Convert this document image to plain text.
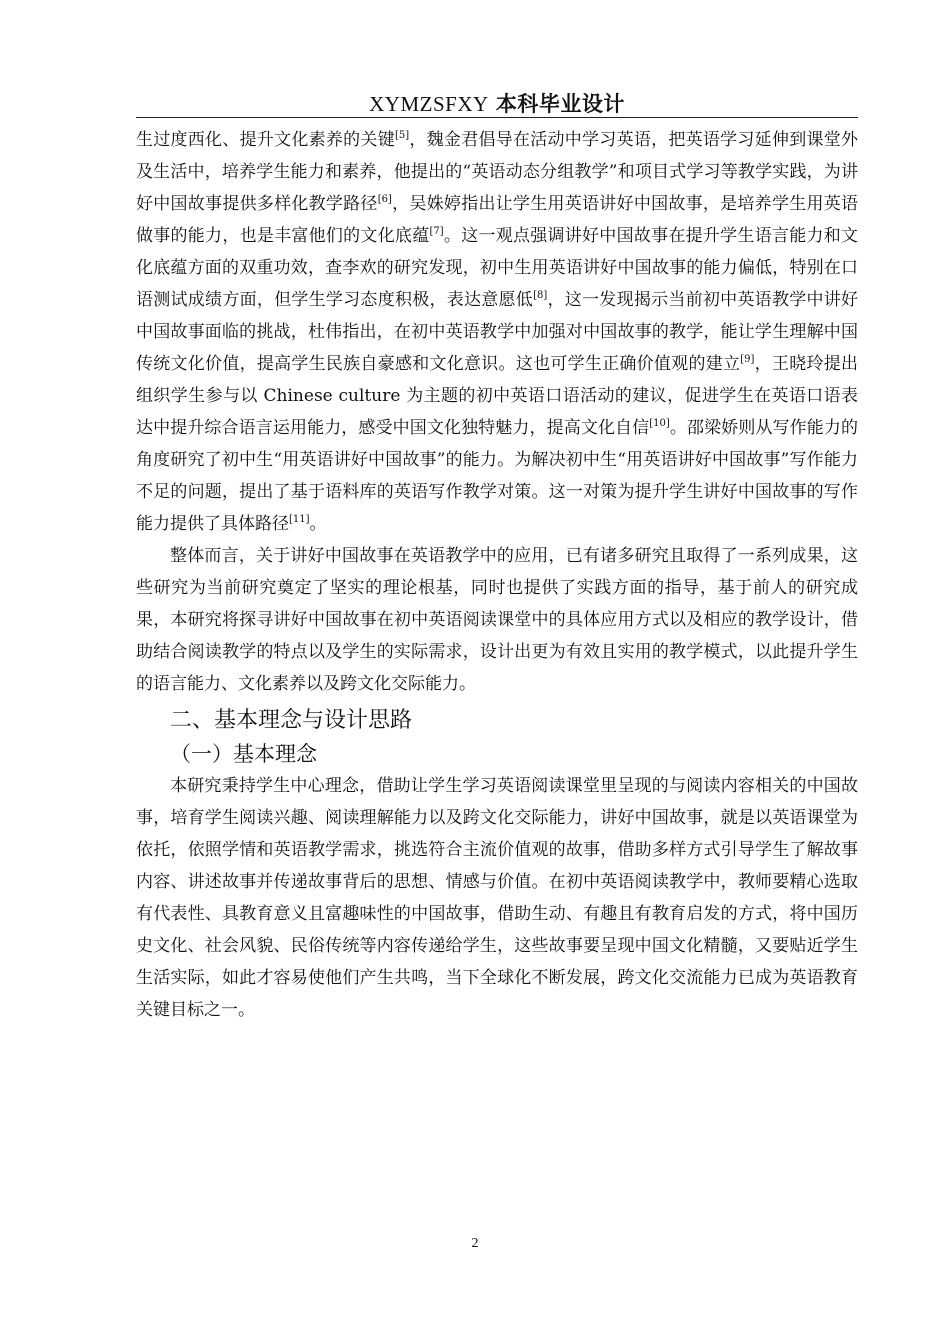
XYMZSFXY 本科毕业设计

生过度西化、提升文化素养的关键[5]，魏金君倡导在活动中学习英语，把英语学习延伸到课堂外及生活中，培养学生能力和素养，他提出的“英语动态分组教学”和项目式学习等教学实践，为讲好中国故事提供多样化教学路径[6]，吴姝婷指出让学生用英语讲好中国故事，是培养学生用英语做事的能力，也是丰富他们的文化底蕴[7]。这一观点强调讲好中国故事在提升学生语言能力和文化底蕴方面的双重功效，查李欢的研究发现，初中生用英语讲好中国故事的能力偏低，特别在口语测试成绩方面，但学生学习态度积极，表达意愿低[8]，这一发现揭示当前初中英语教学中讲好中国故事面临的挑战，杜伟指出，在初中英语教学中加强对中国故事的教学，能让学生理解中国传统文化价值，提高学生民族自豪感和文化意识。这也可学生正确价值观的建立[9]，王晓玲提出组织学生参与以 Chinese culture 为主题的初中英语口语活动的建议，促进学生在英语口语表达中提升综合语言运用能力，感受中国文化独特魅力，提高文化自信[10]。邵梁娇则从写作能力的角度研究了初中生“用英语讲好中国故事”的能力。为解决初中生“用英语讲好中国故事”写作能力不足的问题，提出了基于语料库的英语写作教学对策。这一对策为提升学生讲好中国故事的写作能力提供了具体路径[11]。

整体而言，关于讲好中国故事在英语教学中的应用，已有诸多研究且取得了一系列成果，这些研究为当前研究奠定了坚实的理论根基，同时也提供了实践方面的指导，基于前人的研究成果，本研究将探寻讲好中国故事在初中英语阅读课堂中的具体应用方式以及相应的教学设计，借助结合阅读教学的特点以及学生的实际需求，设计出更为有效且实用的教学模式，以此提升学生的语言能力、文化素养以及跨文化交际能力。

二、基本理念与设计思路
（一）基本理念

本研究秉持学生中心理念，借助让学生学习英语阅读课堂里呈现的与阅读内容相关的中国故事，培育学生阅读兴趣、阅读理解能力以及跨文化交际能力，讲好中国故事，就是以英语课堂为依托，依照学情和英语教学需求，挑选符合主流价值观的故事，借助多样方式引导学生了解故事内容、讲述故事并传递故事背后的思想、情感与价值。在初中英语阅读教学中，教师要精心选取有代表性、具教育意义且富趣味性的中国故事，借助生动、有趣且有教育启发的方式，将中国历史文化、社会风貌、民俗传统等内容传递给学生，这些故事要呈现中国文化精髓，又要贴近学生生活实际，如此才容易使他们产生共鸣，当下全球化不断发展，跨文化交流能力已成为英语教育关键目标之一。

2
